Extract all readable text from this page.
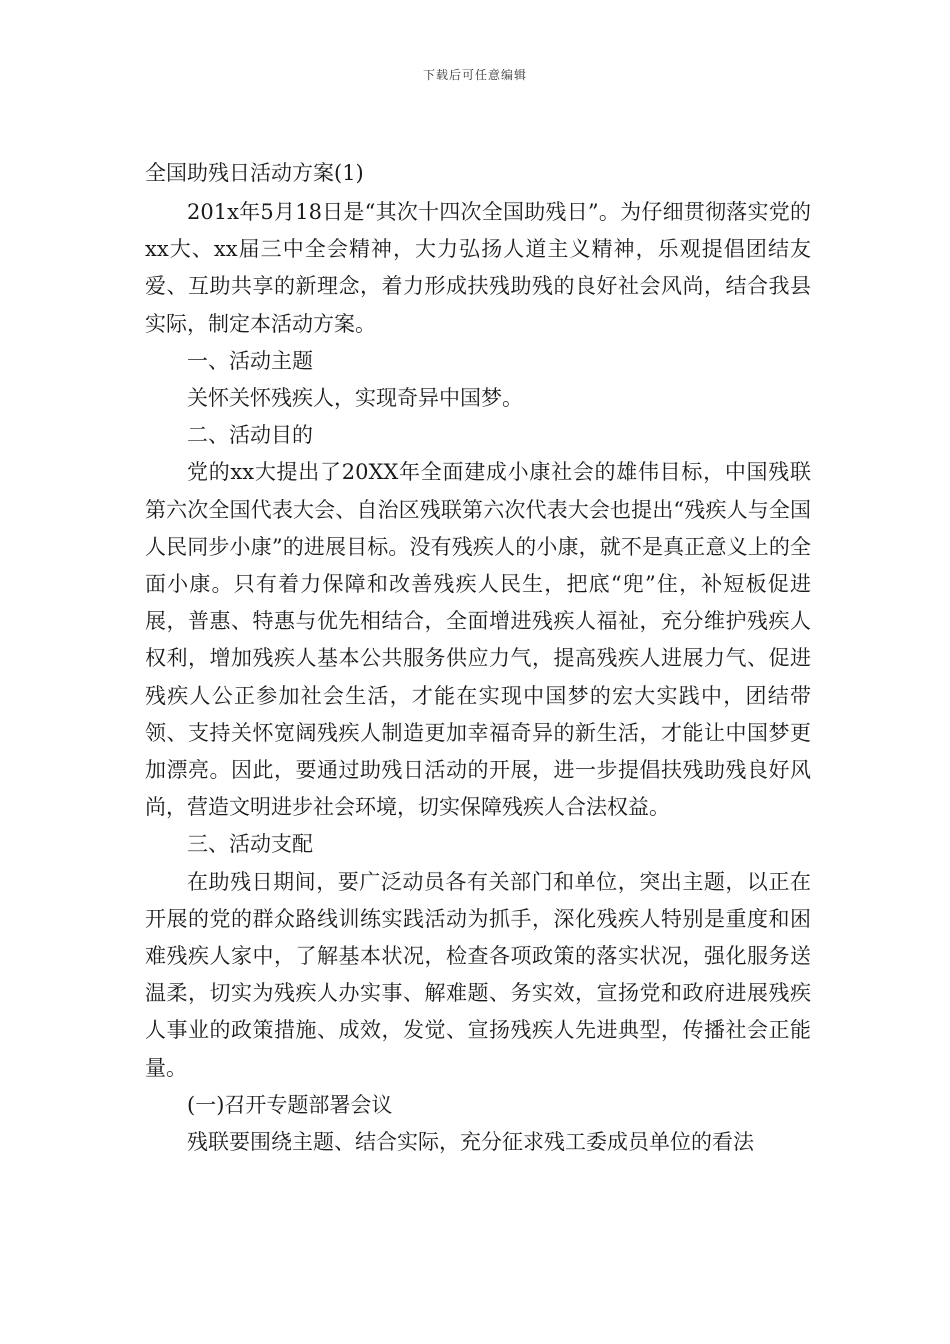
下载后可任意编辑
全国助残日活动方案(1)

201x年5月18日是“其次十四次全国助残日”。为仔细贯彻落实党的xx大、xx届三中全会精神，大力弘扬人道主义精神，乐观提倡团结友爱、互助共享的新理念，着力形成扶残助残的良好社会风尚，结合我县实际，制定本活动方案。

一、活动主题

关怀关怀残疾人，实现奇异中国梦。

二、活动目的

党的xx大提出了20XX年全面建成小康社会的雄伟目标，中国残联第六次全国代表大会、自治区残联第六次代表大会也提出“残疾人与全国人民同步小康”的进展目标。没有残疾人的小康，就不是真正意义上的全面小康。只有着力保障和改善残疾人民生，把底“兜”住，补短板促进展，普惠、特惠与优先相结合，全面增进残疾人福祉，充分维护残疾人权利，增加残疾人基本公共服务供应力气，提高残疾人进展力气、促进残疾人公正参加社会生活，才能在实现中国梦的宏大实践中，团结带领、支持关怀宽阔残疾人制造更加幸福奇异的新生活，才能让中国梦更加漂亮。因此，要通过助残日活动的开展，进一步提倡扶残助残良好风尚，营造文明进步社会环境，切实保障残疾人合法权益。

三、活动支配

在助残日期间，要广泛动员各有关部门和单位，突出主题，以正在开展的党的群众路线训练实践活动为抓手，深化残疾人特别是重度和困难残疾人家中，了解基本状况，检查各项政策的落实状况，强化服务送温柔，切实为残疾人办实事、解难题、务实效，宣扬党和政府进展残疾人事业的政策措施、成效，发觉、宣扬残疾人先进典型，传播社会正能量。

(一)召开专题部署会议

残联要围绕主题、结合实际，充分征求残工委成员单位的看法
